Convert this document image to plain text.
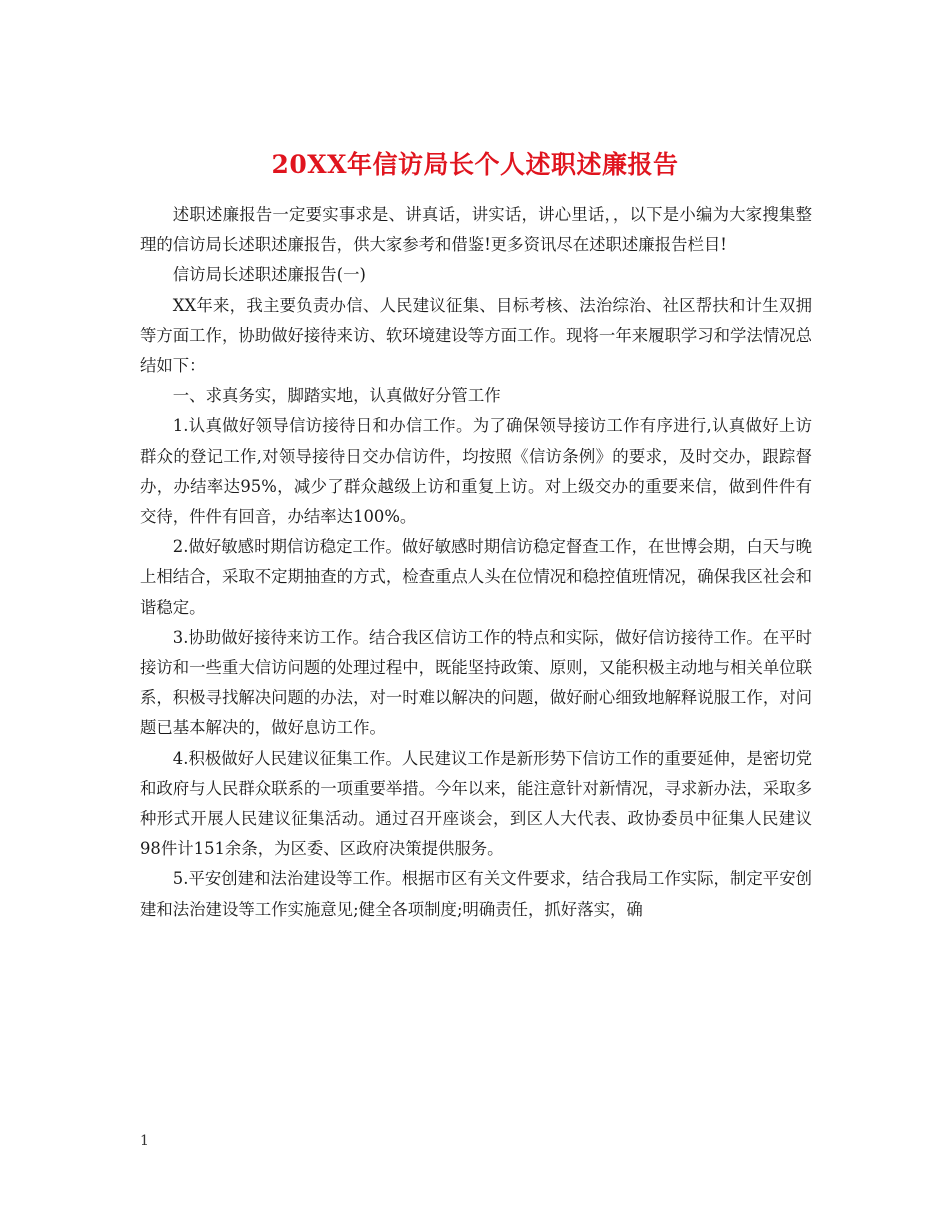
20XX年信访局长个人述职述廉报告

述职述廉报告一定要实事求是、讲真话，讲实话，讲心里话，，以下是小编为大家搜集整理的信访局长述职述廉报告，供大家参考和借鉴!更多资讯尽在述职述廉报告栏目!

信访局长述职述廉报告(一)

XX年来，我主要负责办信、人民建议征集、目标考核、法治综治、社区帮扶和计生双拥等方面工作，协助做好接待来访、软环境建设等方面工作。现将一年来履职学习和学法情况总结如下：

一、求真务实，脚踏实地，认真做好分管工作

1.认真做好领导信访接待日和办信工作。为了确保领导接访工作有序进行,认真做好上访群众的登记工作,对领导接待日交办信访件，均按照《信访条例》的要求，及时交办，跟踪督办，办结率达95%，减少了群众越级上访和重复上访。对上级交办的重要来信，做到件件有交待，件件有回音，办结率达100%。

2.做好敏感时期信访稳定工作。做好敏感时期信访稳定督查工作，在世博会期，白天与晚上相结合，采取不定期抽查的方式，检查重点人头在位情况和稳控值班情况，确保我区社会和谐稳定。

3.协助做好接待来访工作。结合我区信访工作的特点和实际，做好信访接待工作。在平时接访和一些重大信访问题的处理过程中，既能坚持政策、原则，又能积极主动地与相关单位联系，积极寻找解决问题的办法，对一时难以解决的问题，做好耐心细致地解释说服工作，对问题已基本解决的，做好息访工作。

4.积极做好人民建议征集工作。人民建议工作是新形势下信访工作的重要延伸，是密切党和政府与人民群众联系的一项重要举措。今年以来，能注意针对新情况，寻求新办法，采取多种形式开展人民建议征集活动。通过召开座谈会，到区人大代表、政协委员中征集人民建议98件计151余条，为区委、区政府决策提供服务。

5.平安创建和法治建设等工作。根据市区有关文件要求，结合我局工作实际，制定平安创建和法治建设等工作实施意见;健全各项制度;明确责任，抓好落实，确

1
